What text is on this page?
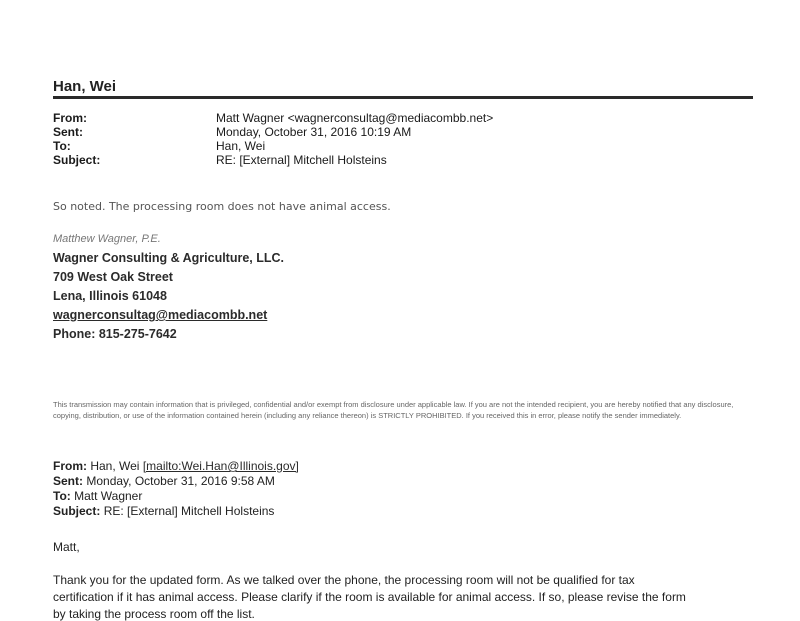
Han, Wei
From:	Matt Wagner <wagnerconsultag@mediacombb.net>
Sent:	Monday, October 31, 2016 10:19 AM
To:	Han, Wei
Subject:	RE: [External] Mitchell Holsteins
So noted. The processing room does not have animal access.
Matthew Wagner, P.E.
Wagner Consulting & Agriculture, LLC.
709 West Oak Street
Lena, Illinois 61048
wagnerconsultag@mediacombb.net
Phone: 815-275-7642
This transmission may contain information that is privileged, confidential and/or exempt from disclosure under applicable law. If you are not the intended recipient, you are hereby notified that any disclosure, copying, distribution, or use of the information contained herein (including any reliance thereon) is STRICTLY PROHIBITED. If you received this in error, please notify the sender immediately.
From: Han, Wei [mailto:Wei.Han@Illinois.gov]
Sent: Monday, October 31, 2016 9:58 AM
To: Matt Wagner
Subject: RE: [External] Mitchell Holsteins
Matt,
Thank you for the updated form. As we talked over the phone, the processing room will not be qualified for tax
certification if it has animal access. Please clarify if the room is available for animal access. If so, please revise the form
by taking the process room off the list.
